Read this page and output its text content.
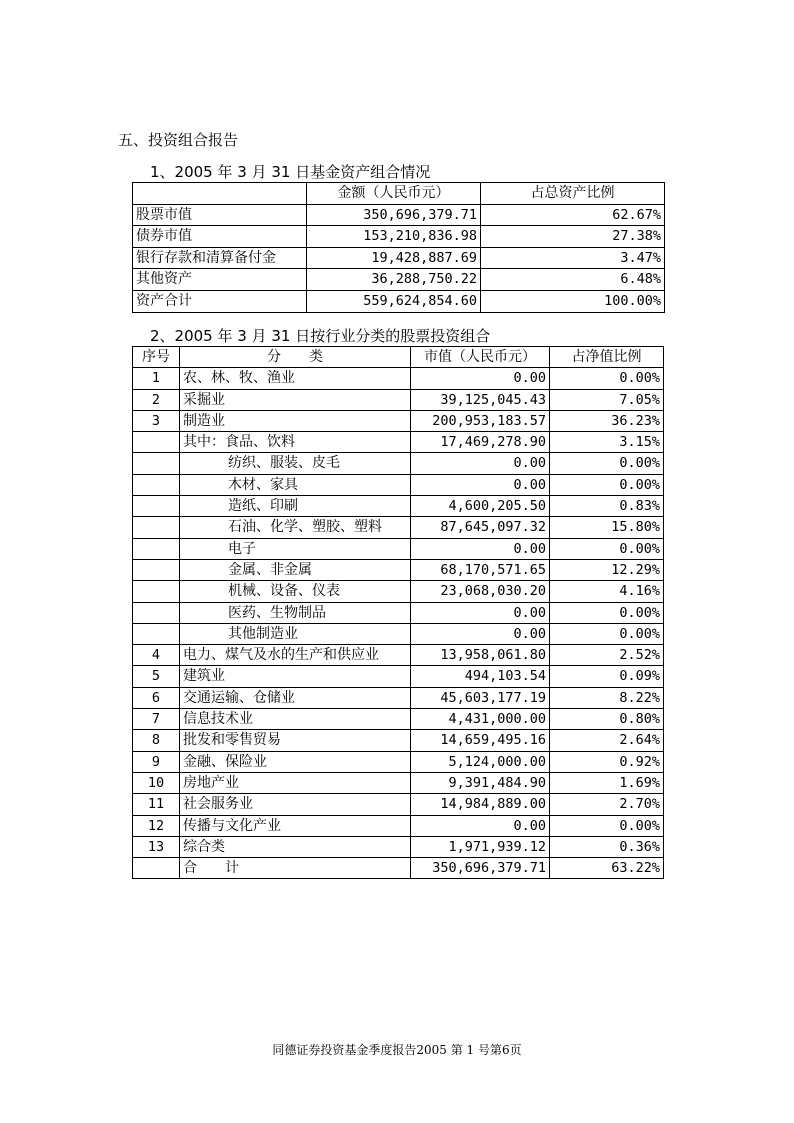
五、投资组合报告
1、2005 年 3 月 31 日基金资产组合情况
	金额（人民币元）	占总资产比例
股票市值	350,696,379.71	62.67%
债券市值	153,210,836.98	27.38%
银行存款和清算备付金	19,428,887.69	3.47%
其他资产	36,288,750.22	6.48%
资产合计	559,624,854.60	100.00%
2、2005 年 3 月 31 日按行业分类的股票投资组合
序号	分　　类	市值（人民币元）	占净值比例
1	农、林、牧、渔业	0.00	0.00%
2	采掘业	39,125,045.43	7.05%
3	制造业	200,953,183.57	36.23%
	其中：食品、饮料	17,469,278.90	3.15%
	纺织、服装、皮毛	0.00	0.00%
	木材、家具	0.00	0.00%
	造纸、印刷	4,600,205.50	0.83%
	石油、化学、塑胶、塑料	87,645,097.32	15.80%
	电子	0.00	0.00%
	金属、非金属	68,170,571.65	12.29%
	机械、设备、仪表	23,068,030.20	4.16%
	医药、生物制品	0.00	0.00%
	其他制造业	0.00	0.00%
4	电力、煤气及水的生产和供应业	13,958,061.80	2.52%
5	建筑业	494,103.54	0.09%
6	交通运输、仓储业	45,603,177.19	8.22%
7	信息技术业	4,431,000.00	0.80%
8	批发和零售贸易	14,659,495.16	2.64%
9	金融、保险业	5,124,000.00	0.92%
10	房地产业	9,391,484.90	1.69%
11	社会服务业	14,984,889.00	2.70%
12	传播与文化产业	0.00	0.00%
13	综合类	1,971,939.12	0.36%
	合　　计	350,696,379.71	63.22%
同德证券投资基金季度报告2005 第 1 号第6页
